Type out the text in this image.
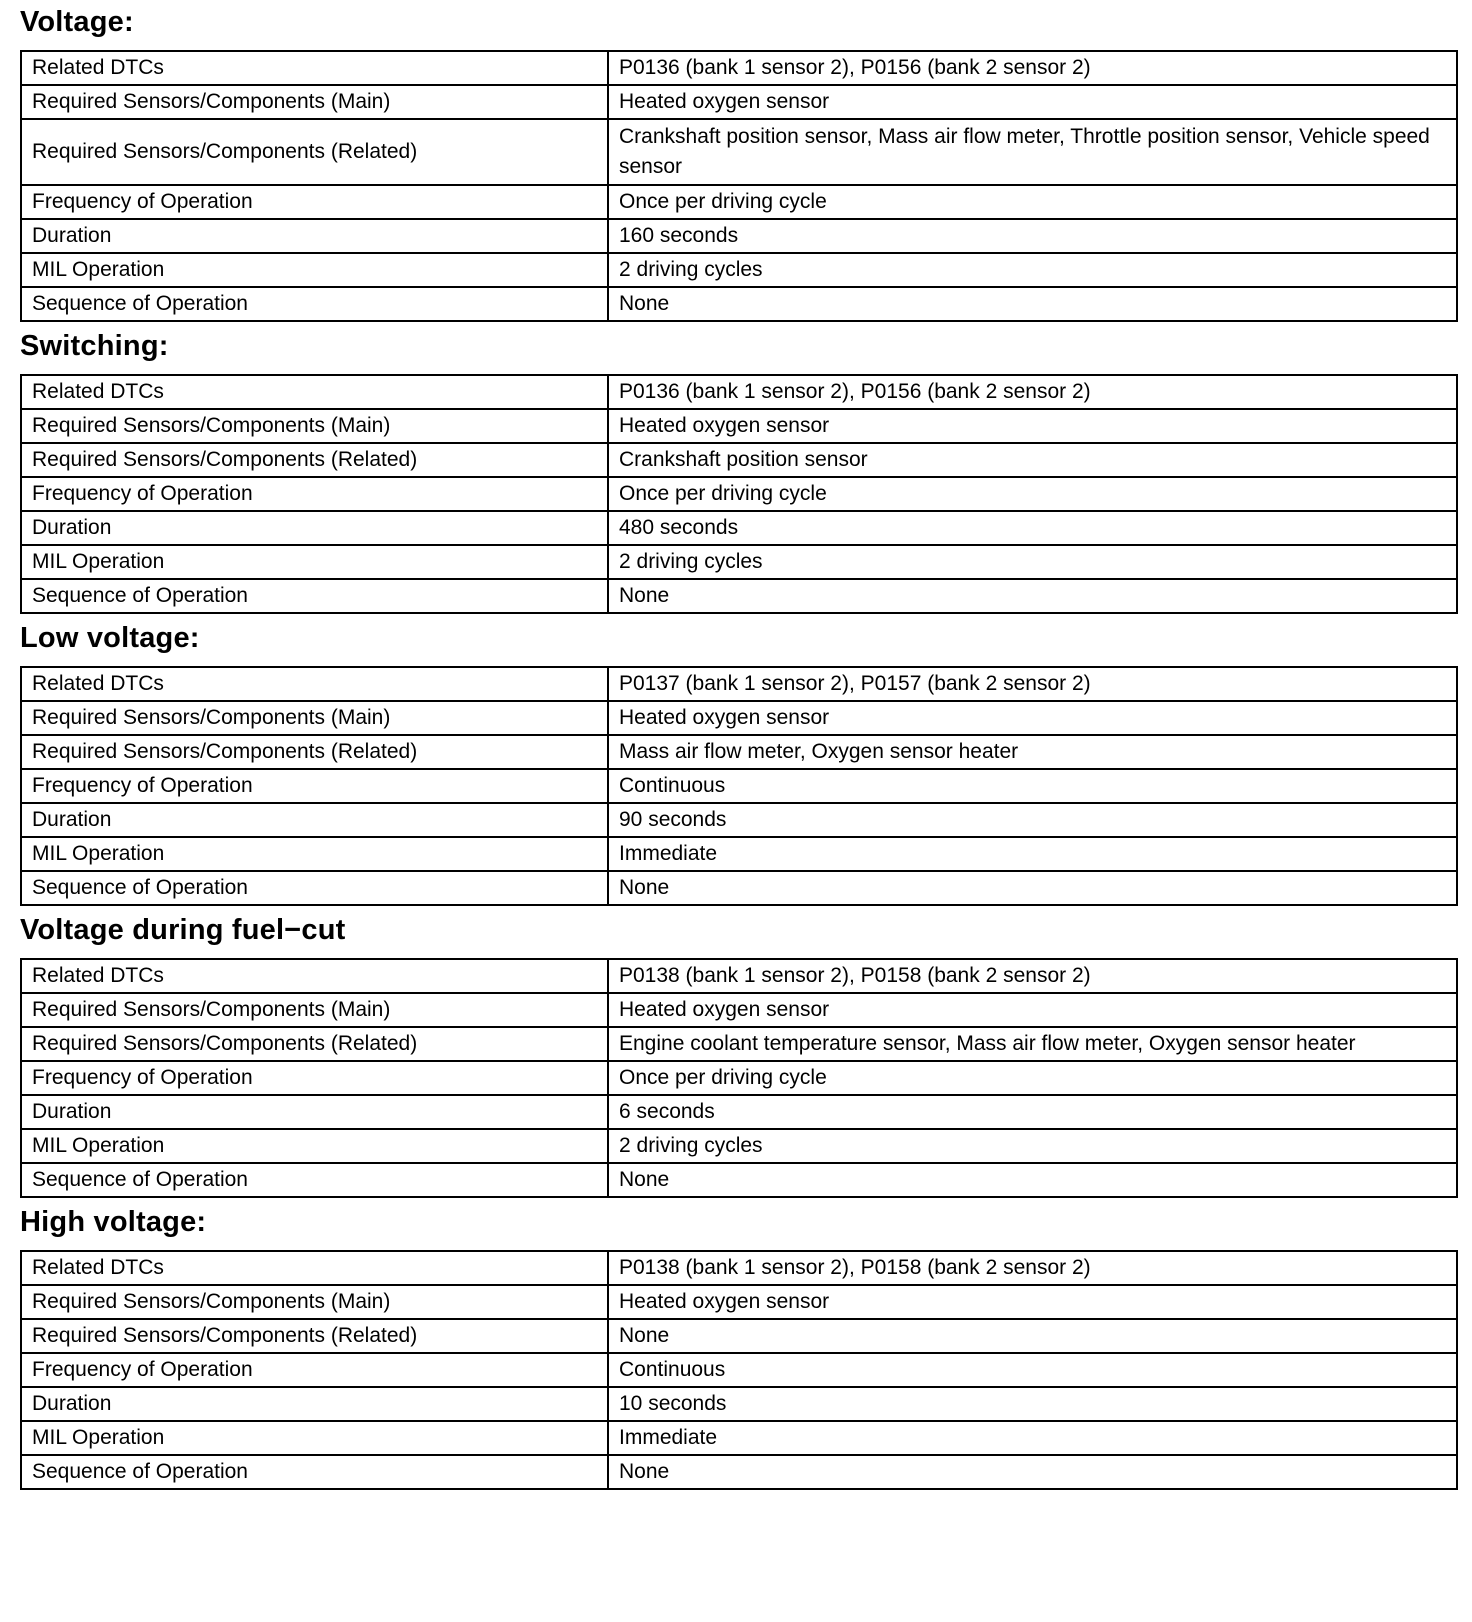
Voltage:
Related DTCs	P0136 (bank 1 sensor 2), P0156 (bank 2 sensor 2)
Required Sensors/Components (Main)	Heated oxygen sensor
Required Sensors/Components (Related)	Crankshaft position sensor, Mass air flow meter, Throttle position sensor, Vehicle speed sensor
Frequency of Operation	Once per driving cycle
Duration	160 seconds
MIL Operation	2 driving cycles
Sequence of Operation	None
Switching:
Related DTCs	P0136 (bank 1 sensor 2), P0156 (bank 2 sensor 2)
Required Sensors/Components (Main)	Heated oxygen sensor
Required Sensors/Components (Related)	Crankshaft position sensor
Frequency of Operation	Once per driving cycle
Duration	480 seconds
MIL Operation	2 driving cycles
Sequence of Operation	None
Low voltage:
Related DTCs	P0137 (bank 1 sensor 2), P0157 (bank 2 sensor 2)
Required Sensors/Components (Main)	Heated oxygen sensor
Required Sensors/Components (Related)	Mass air flow meter, Oxygen sensor heater
Frequency of Operation	Continuous
Duration	90 seconds
MIL Operation	Immediate
Sequence of Operation	None
Voltage during fuel−cut
Related DTCs	P0138 (bank 1 sensor 2), P0158 (bank 2 sensor 2)
Required Sensors/Components (Main)	Heated oxygen sensor
Required Sensors/Components (Related)	Engine coolant temperature sensor, Mass air flow meter, Oxygen sensor heater
Frequency of Operation	Once per driving cycle
Duration	6 seconds
MIL Operation	2 driving cycles
Sequence of Operation	None
High voltage:
Related DTCs	P0138 (bank 1 sensor 2), P0158 (bank 2 sensor 2)
Required Sensors/Components (Main)	Heated oxygen sensor
Required Sensors/Components (Related)	None
Frequency of Operation	Continuous
Duration	10 seconds
MIL Operation	Immediate
Sequence of Operation	None
